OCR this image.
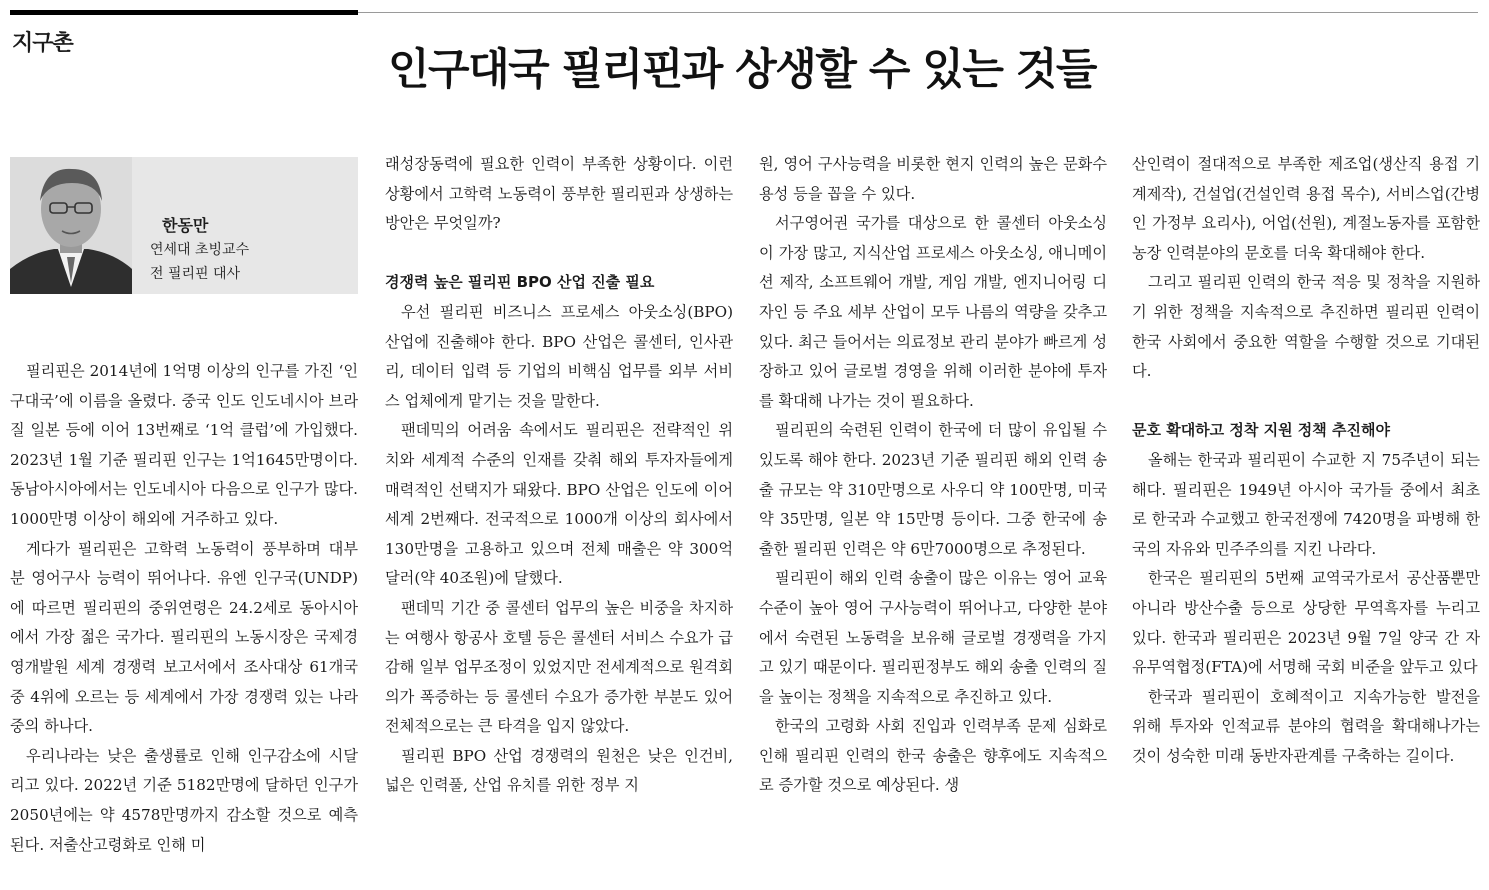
지구촌
인구대국 필리핀과 상생할 수 있는 것들
한동만
연세대 초빙교수
전 필리핀 대사

필리핀은 2014년에 1억명 이상의 인구를 가진 ‘인구대국’에 이름을 올렸다. 중국 인도 인도네시아 브라질 일본 등에 이어 13번째로 ‘1억 클럽’에 가입했다. 2023년 1월 기준 필리핀 인구는 1억1645만명이다. 동남아시아에서는 인도네시아 다음으로 인구가 많다. 1000만명 이상이 해외에 거주하고 있다.

게다가 필리핀은 고학력 노동력이 풍부하며 대부분 영어구사 능력이 뛰어나다. 유엔 인구국(UNDP)에 따르면 필리핀의 중위연령은 24.2세로 동아시아에서 가장 젊은 국가다. 필리핀의 노동시장은 국제경영개발원 세계 경쟁력 보고서에서 조사대상 61개국 중 4위에 오르는 등 세계에서 가장 경쟁력 있는 나라 중의 하나다.

우리나라는 낮은 출생률로 인해 인구감소에 시달리고 있다. 2022년 기준 5182만명에 달하던 인구가 2050년에는 약 4578만명까지 감소할 것으로 예측된다. 저출산고령화로 인해 미

래성장동력에 필요한 인력이 부족한 상황이다. 이런 상황에서 고학력 노동력이 풍부한 필리핀과 상생하는 방안은 무엇일까?

경쟁력 높은 필리핀 BPO 산업 진출 필요

우선 필리핀 비즈니스 프로세스 아웃소싱(BPO) 산업에 진출해야 한다. BPO 산업은 콜센터, 인사관리, 데이터 입력 등 기업의 비핵심 업무를 외부 서비스 업체에게 맡기는 것을 말한다.

팬데믹의 어려움 속에서도 필리핀은 전략적인 위치와 세계적 수준의 인재를 갖춰 해외 투자자들에게 매력적인 선택지가 돼왔다. BPO 산업은 인도에 이어 세계 2번째다. 전국적으로 1000개 이상의 회사에서 130만명을 고용하고 있으며 전체 매출은 약 300억달러(약 40조원)에 달했다.

팬데믹 기간 중 콜센터 업무의 높은 비중을 차지하는 여행사 항공사 호텔 등은 콜센터 서비스 수요가 급감해 일부 업무조정이 있었지만 전세계적으로 원격회의가 폭증하는 등 콜센터 수요가 증가한 부분도 있어 전체적으로는 큰 타격을 입지 않았다.

필리핀 BPO 산업 경쟁력의 원천은 낮은 인건비, 넓은 인력풀, 산업 유치를 위한 정부 지

원, 영어 구사능력을 비롯한 현지 인력의 높은 문화수용성 등을 꼽을 수 있다.

서구영어권 국가를 대상으로 한 콜센터 아웃소싱이 가장 많고, 지식산업 프로세스 아웃소싱, 애니메이션 제작, 소프트웨어 개발, 게임 개발, 엔지니어링 디자인 등 주요 세부 산업이 모두 나름의 역량을 갖추고 있다. 최근 들어서는 의료정보 관리 분야가 빠르게 성장하고 있어 글로벌 경영을 위해 이러한 분야에 투자를 확대해 나가는 것이 필요하다.

필리핀의 숙련된 인력이 한국에 더 많이 유입될 수 있도록 해야 한다. 2023년 기준 필리핀 해외 인력 송출 규모는 약 310만명으로 사우디 약 100만명, 미국 약 35만명, 일본 약 15만명 등이다. 그중 한국에 송출한 필리핀 인력은 약 6만7000명으로 추정된다.

필리핀이 해외 인력 송출이 많은 이유는 영어 교육 수준이 높아 영어 구사능력이 뛰어나고, 다양한 분야에서 숙련된 노동력을 보유해 글로벌 경쟁력을 가지고 있기 때문이다. 필리핀정부도 해외 송출 인력의 질을 높이는 정책을 지속적으로 추진하고 있다.

한국의 고령화 사회 진입과 인력부족 문제 심화로 인해 필리핀 인력의 한국 송출은 향후에도 지속적으로 증가할 것으로 예상된다. 생

산인력이 절대적으로 부족한 제조업(생산직 용접 기계제작), 건설업(건설인력 용접 목수), 서비스업(간병인 가정부 요리사), 어업(선원), 계절노동자를 포함한 농장 인력분야의 문호를 더욱 확대해야 한다.

그리고 필리핀 인력의 한국 적응 및 정착을 지원하기 위한 정책을 지속적으로 추진하면 필리핀 인력이 한국 사회에서 중요한 역할을 수행할 것으로 기대된다.

문호 확대하고 정착 지원 정책 추진해야

올해는 한국과 필리핀이 수교한 지 75주년이 되는 해다. 필리핀은 1949년 아시아 국가들 중에서 최초로 한국과 수교했고 한국전쟁에 7420명을 파병해 한국의 자유와 민주주의를 지킨 나라다.

한국은 필리핀의 5번째 교역국가로서 공산품뿐만 아니라 방산수출 등으로 상당한 무역흑자를 누리고 있다. 한국과 필리핀은 2023년 9월 7일 양국 간 자유무역협정(FTA)에 서명해 국회 비준을 앞두고 있다

한국과 필리핀이 호혜적이고 지속가능한 발전을 위해 투자와 인적교류 분야의 협력을 확대해나가는 것이 성숙한 미래 동반자관계를 구축하는 길이다.
